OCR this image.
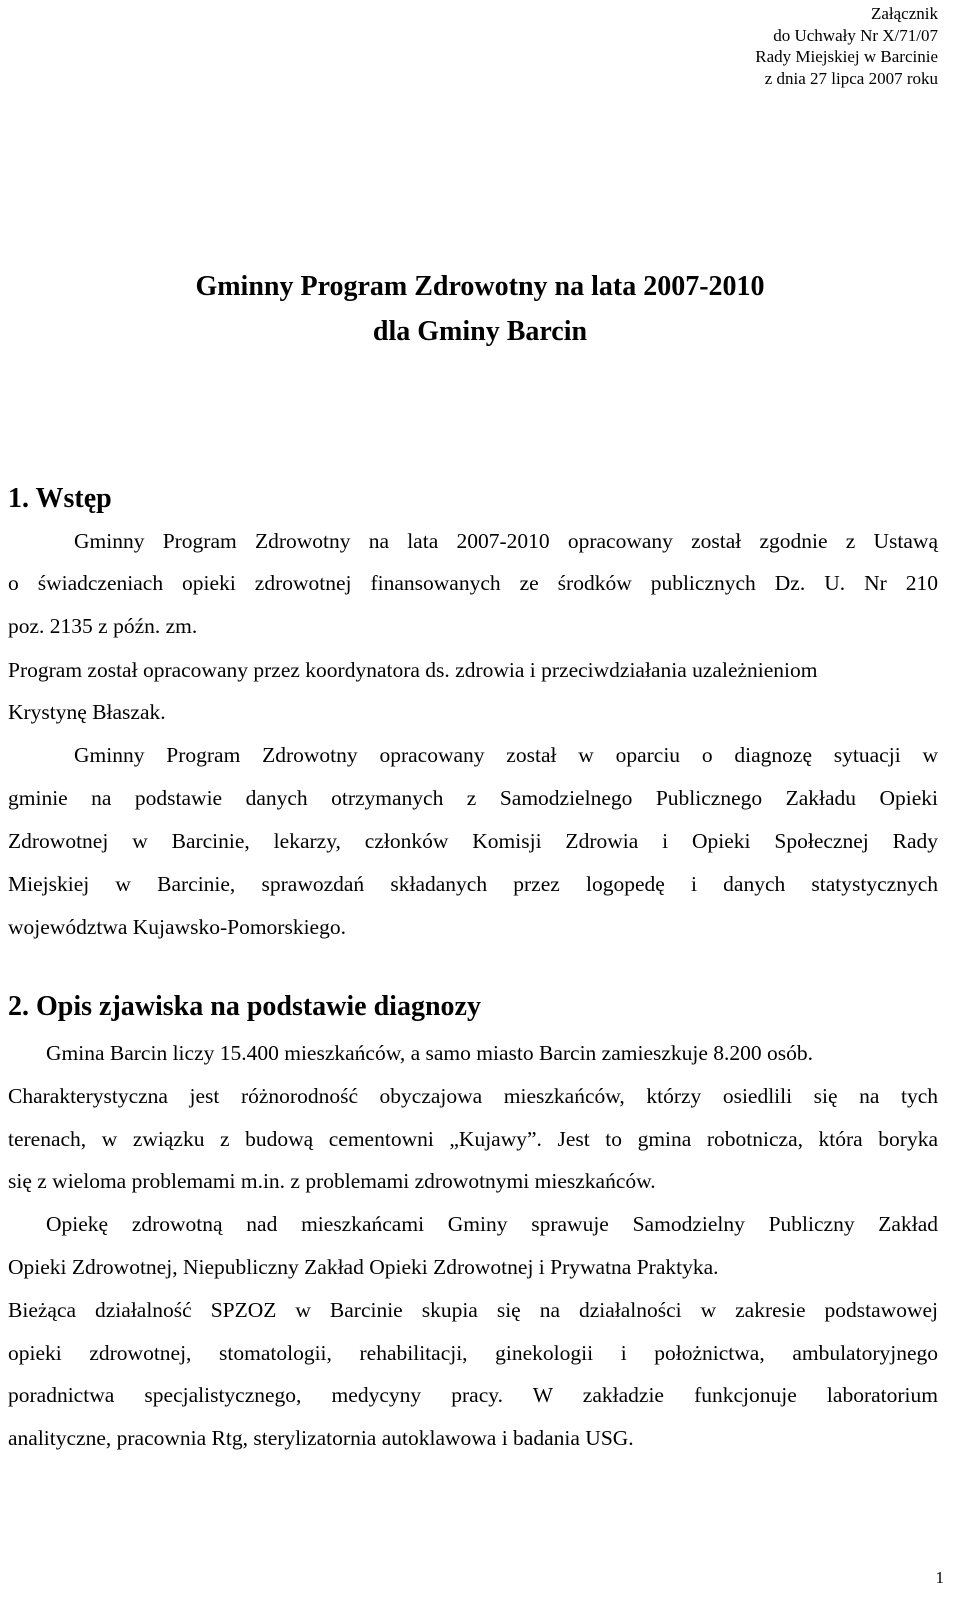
Załącznik
do Uchwały Nr X/71/07
Rady Miejskiej w Barcinie
z dnia 27 lipca 2007 roku
Gminny Program Zdrowotny na lata 2007-2010
dla Gminy Barcin
1. Wstęp
Gminny Program Zdrowotny na lata 2007-2010 opracowany został zgodnie z Ustawą
o świadczeniach opieki zdrowotnej finansowanych ze środków publicznych Dz. U. Nr 210
poz. 2135 z późn. zm.
Program został opracowany przez koordynatora ds. zdrowia i przeciwdziałania uzależnieniom
Krystynę Błaszak.
Gminny Program Zdrowotny opracowany został w oparciu o diagnozę sytuacji w
gminie na podstawie danych otrzymanych z Samodzielnego Publicznego Zakładu Opieki
Zdrowotnej w Barcinie, lekarzy, członków Komisji Zdrowia i Opieki Społecznej Rady
Miejskiej w Barcinie, sprawozdań składanych przez logopedę i danych statystycznych
województwa Kujawsko-Pomorskiego.
2. Opis zjawiska na podstawie diagnozy
Gmina Barcin liczy 15.400 mieszkańców, a samo miasto Barcin zamieszkuje 8.200 osób.
Charakterystyczna jest różnorodność obyczajowa mieszkańców, którzy osiedlili się na tych
terenach, w związku z budową cementowni „Kujawy”. Jest to gmina robotnicza, która boryka
się z wieloma problemami m.in. z problemami zdrowotnymi mieszkańców.
Opiekę zdrowotną nad mieszkańcami Gminy sprawuje Samodzielny Publiczny Zakład
Opieki Zdrowotnej, Niepubliczny Zakład Opieki Zdrowotnej i Prywatna Praktyka.
Bieżąca działalność SPZOZ w Barcinie skupia się na działalności w zakresie podstawowej
opieki zdrowotnej, stomatologii, rehabilitacji, ginekologii i położnictwa, ambulatoryjnego
poradnictwa specjalistycznego, medycyny pracy. W zakładzie funkcjonuje laboratorium
analityczne, pracownia Rtg, sterylizatornia autoklawowa i badania USG.
1
